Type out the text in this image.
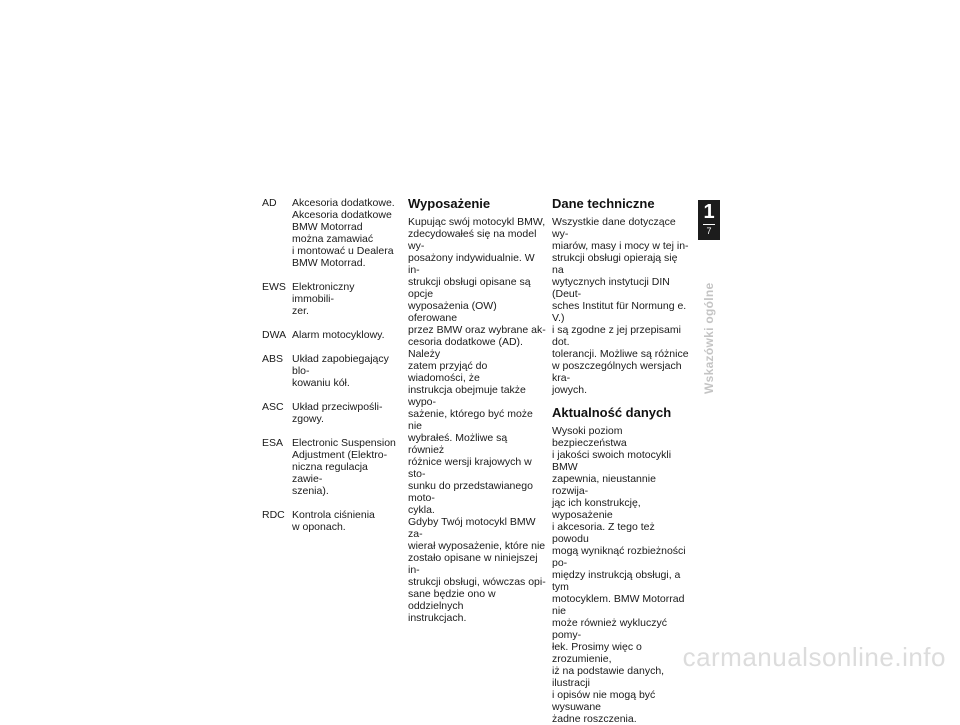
AD	Akcesoria dodatkowe.
Akcesoria dodatkowe
BMW Motorrad
można zamawiać
i montować u Dealera
BMW Motorrad.
EWS Elektroniczny immobili-
zer.
DWA Alarm motocyklowy.
ABS Układ zapobiegający blo-
kowaniu kół.
ASC Układ przeciwpośli-
zgowy.
ESA Electronic Suspension
Adjustment (Elektro-
niczna regulacja zawie-
szenia).
RDC Kontrola ciśnienia
w oponach.
Wyposażenie

Kupując swój motocykl BMW,
zdecydowałeś się na model wy-
posażony indywidualnie. W in-
strukcji obsługi opisane są opcje
wyposażenia (OW) oferowane
przez BMW oraz wybrane ak-
cesoria dodatkowe (AD). Należy
zatem przyjąć do wiadomości, że
instrukcja obejmuje także wypo-
sażenie, którego być może nie
wybrałeś. Możliwe są również
różnice wersji krajowych w sto-
sunku do przedstawianego moto-
cykla.
Gdyby Twój motocykl BMW za-
wierał wyposażenie, które nie
zostało opisane w niniejszej in-
strukcji obsługi, wówczas opi-
sane będzie ono w oddzielnych
instrukcjach.

Dane techniczne

Wszystkie dane dotyczące wy-
miarów, masy i mocy w tej in-
strukcji obsługi opierają się na
wytycznych instytucji DIN (Deut-
sches Institut für Normung e. V.)
i są zgodne z jej przepisami dot.
tolerancji. Możliwe są różnice
w poszczególnych wersjach kra-
jowych.

Aktualność danych

Wysoki poziom bezpieczeństwa
i jakości swoich motocykli BMW
zapewnia, nieustannie rozwija-
jąc ich konstrukcję, wyposażenie
i akcesoria. Z tego też powodu
mogą wyniknąć rozbieżności po-
między instrukcją obsługi, a tym
motocyklem. BMW Motorrad nie
może również wykluczyć pomy-
łek. Prosimy więc o zrozumienie,
iż na podstawie danych, ilustracji
i opisów nie mogą być wysuwane
żadne roszczenia.

1
7
Wskazówki ogólne
carmanualsonline.info
